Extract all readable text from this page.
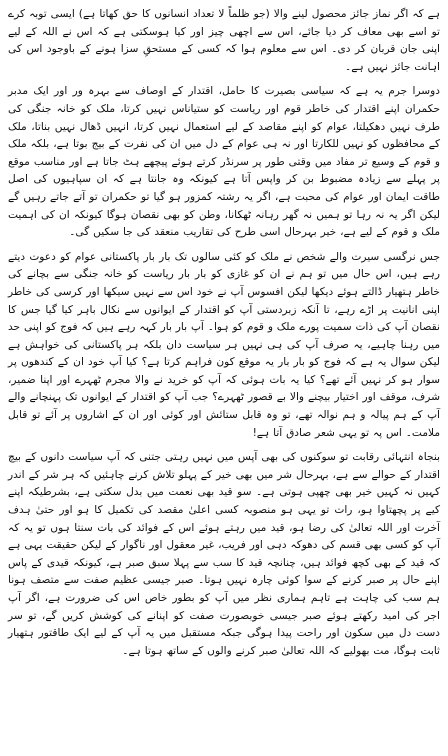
ہے کہ اگر نماز جائز محصول لینے والا (جو ظلماً لا تعداد انسانوں کا حق کھاتا ہے) ایسی توبہ کرے تو اسے بھی معاف کر دیا جائے، اس سے اچھی چیز اور کیا ہوسکتی ہے کہ اس نے اللہ کے لیے اپنی جان قربان کر دی۔ اس سے معلوم ہوا کہ کسی کے مستحقِ سزا ہونے کے باوجود اس کی اہانت جائز نہیں ہے۔

دوسرا جرم یہ ہے کہ سیاسی بصیرت کا حامل، اقتدار کے اوصاف سے بہرہ ور اور ایک مدبر حکمران اپنے اقتدار کی خاطر قوم اور ریاست کو ستیاناس نہیں کرتا، ملک کو خانہ جنگی کی طرف نہیں دھکیلتا، عوام کو اپنے مقاصد کے لیے استعمال نہیں کرتا، انہیں ڈھال نہیں بناتا، ملک کے محافظوں کو نہیں للکارتا اور نہ ہی عوام کے دل میں ان کی نفرت کے بیج بوتا ہے، بلکہ ملک و قوم کے وسیع تر مفاد میں وقتی طور پر سرنڈر کرتے ہوئے پیچھے ہٹ جاتا ہے اور مناسب موقع پر پہلے سے زیادہ مضبوط بن کر واپس آتا ہے کیونکہ وہ جانتا ہے کہ ان سپاہیوں کی اصل طاقت ایمان اور عوام کی محبت ہے، اگر یہ رشتہ کمزور ہو گیا تو حکمران تو آتے جاتے رہیں گے لیکن اگر یہ نہ رہا تو ہمیں نہ گھر رہانہ ٹھکانا، وطن کو بھی نقصان ہوگا کیونکہ ان کی اہمیت ملک و قوم کے لیے ہے، خیر بہرحال اسی طرح کی تقاریب منعقد کی جا سکیں گی۔

جس نرگسی سیرت والے شخص نے ملک کو کئی سالوں تک بار بار پاکستانی عوام کو دعوت دیتے رہے ہیں، اس حال میں تو ہم نے ان کو غازی کو بار بار ریاست کو خانہ جنگی سے بچانے کی خاطر ہتھیار ڈالتے ہوئے دیکھا لیکن افسوس آپ نے خود اس سے نہیں سیکھا اور کرسی کی خاطر اپنی انانیت پر اڑے رہے، تا آنکہ زبردستی آپ کو اقتدار کے ایوانوں سے نکال باہر کیا گیا جس کا نقصان آپ کی ذات سمیت پورے ملک و قوم کو ہوا۔ آپ بار بار کہہ رہے ہیں کہ فوج کو اپنی حد میں رہنا چاہیے، یہ صرف آپ کی ہی نہیں ہر سیاست دان بلکہ ہر پاکستانی کی خواہش ہے لیکن سوال یہ ہے کہ فوج کو بار بار یہ موقع کون فراہم کرتا ہے؟ کیا آپ خود ان کے کندھوں پر سوار ہو کر نہیں آئے تھے؟ کیا یہ بات ہوئی کہ آپ کو خرید نے والا مجرم ٹھہرے اور اپنا ضمیر، شرف، موقف اور اختیار بیچنے والا بے قصور ٹھہرے؟ جب آپ کو اقتدار کے ایوانوں تک پہنچانے والے آپ کے ہم پیالہ و ہم نوالہ تھے، تو وہ قابل ستائش اور کوئی اور ان کے اشاروں پر آئے تو قابل ملامت۔ اس پہ تو یہی شعر صادق آتا ہے!

بنجاہ انتہائی رقابت تو سوکنوں کی بھی آپس میں نہیں رہتی جتنی کہ آپ سیاست دانوں کے بیچ اقتدار کے حوالے سے ہے، بہرحال شر میں بھی خیر کے پہلو تلاش کرنے چاہئیں کہ ہر شر کے اندر کہیں نہ کہیں خیر بھی چھپی ہوتی ہے۔ سو قید بھی نعمت میں بدل سکتی ہے، بشرطیکہ اپنے کیے پر پچھتاوا ہو، رات تو یہی ہو منصوبہ کسی اعلیٰ مقصد کی تکمیل کا ہو اور حتیٰ ہدف آخرت اور اللہ تعالیٰ کی رضا ہو، قید میں رہتے ہوئے اس کے فوائد کی بات سنتا ہوں تو یہ کہ آپ کو کسی بھی قسم کی دھوکہ دہی اور فریب، غیر معقول اور ناگوار کے لیکن حقیقت یہی ہے کہ قید کے بھی کچھ فوائد ہیں، چنانچہ قید کا سب سے پہلا سبق صبر ہے، کیونکہ قیدی کے پاس اپنے حال پر صبر کرنے کے سوا کوئی چارہ نہیں ہوتا۔ صبر جیسی عظیم صفت سے متصف ہونا ہم سب کی چاہت ہے تاہم ہماری نظر میں آپ کو بطور خاص اس کی ضرورت ہے، اگر آپ اجر کی امید رکھتے ہوئے صبر جیسی خوبصورت صفت کو اپنانے کی کوشش کریں گے، تو سر دست دل میں سکون اور راحت پیدا ہوگی جبکہ مستقبل میں یہ آپ کے لیے ایک طاقتور ہتھیار ثابت ہوگا، مت بھولیے کہ اللہ تعالیٰ صبر کرنے والوں کے ساتھ ہوتا ہے۔
